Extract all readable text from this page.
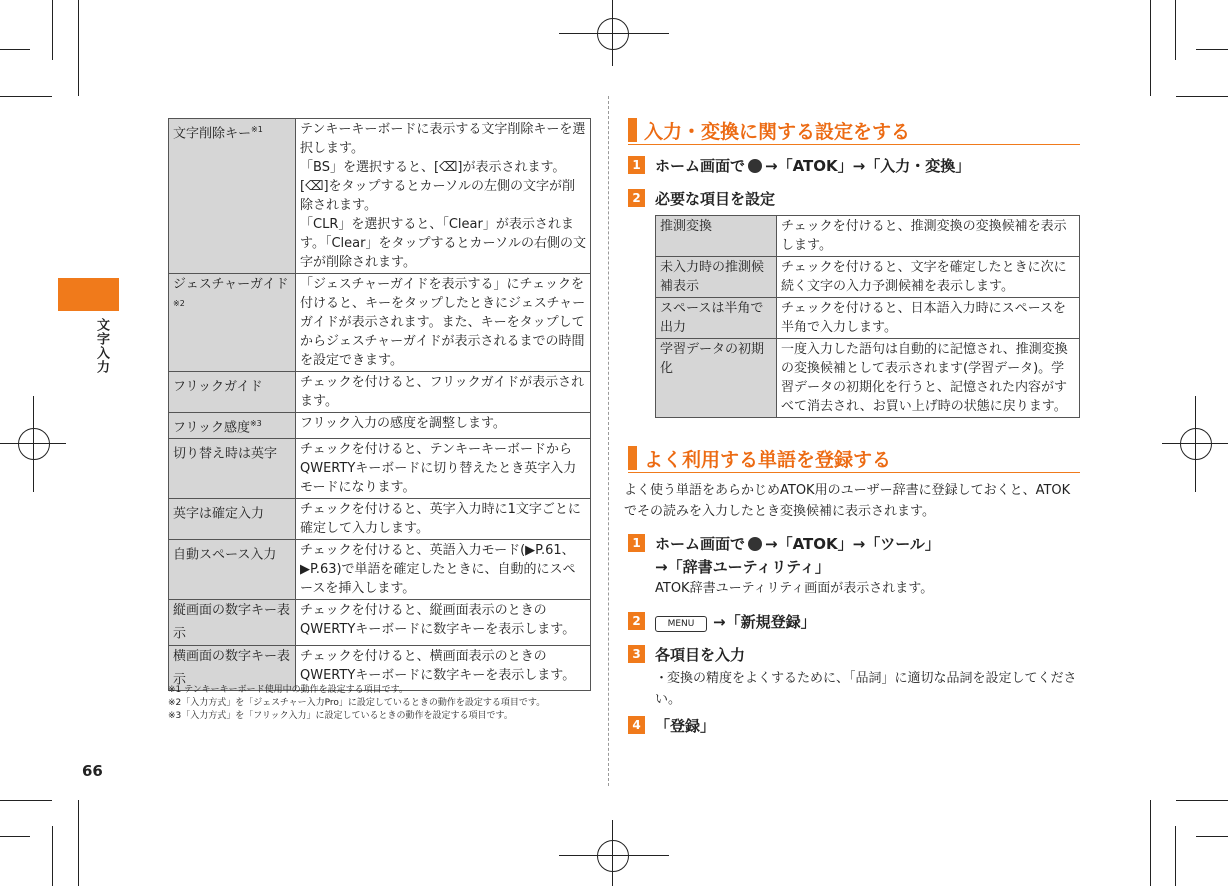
文字入力
66
文字削除キー$^{※1}$	テンキーキーボードに表示する文字削除キーを選択します。
「BS」を選択すると、[⌫]が表示されます。[⌫]をタップするとカーソルの左側の文字が削除されます。
「CLR」を選択すると、「Clear」が表示されます。「Clear」をタップするとカーソルの右側の文字が削除されます。

ジェスチャーガイド$^{※2}$	「ジェスチャーガイドを表示する」にチェックを付けると、キーをタップしたときにジェスチャーガイドが表示されます。また、キーをタップしてからジェスチャーガイドが表示されるまでの時間を設定できます。

フリックガイド	チェックを付けると、フリックガイドが表示されます。

フリック感度$^{※3}$	フリック入力の感度を調整します。

切り替え時は英字	チェックを付けると、テンキーキーボードからQWERTYキーボードに切り替えたとき英字入力モードになります。

英字は確定入力	チェックを付けると、英字入力時に1文字ごとに確定して入力します。

自動スペース入力	チェックを付けると、英語入力モード(▶P.61、▶P.63)で単語を確定したときに、自動的にスペースを挿入します。

縦画面の数字キー表示	チェックを付けると、縦画面表示のときのQWERTYキーボードに数字キーを表示します。

横画面の数字キー表示	チェックを付けると、横画面表示のときのQWERTYキーボードに数字キーを表示します。
※1 テンキーキーボード使用中の動作を設定する項目です。
※2「入力方式」を「ジェスチャー入力Pro」に設定しているときの動作を設定する項目です。
※3「入力方式」を「フリック入力」に設定しているときの動作を設定する項目です。
入力・変換に関する設定をする
1 ホーム画面で →「ATOK」→「入力・変換」
2 必要な項目を設定
推測変換	チェックを付けると、推測変換の変換候補を表示します。
未入力時の推測候補表示	チェックを付けると、文字を確定したときに次に続く文字の入力予測候補を表示します。
スペースは半角で出力	チェックを付けると、日本語入力時にスペースを半角で入力します。
学習データの初期化	一度入力した語句は自動的に記憶され、推測変換の変換候補として表示されます(学習データ)。学習データの初期化を行うと、記憶された内容がすべて消去され、お買い上げ時の状態に戻ります。
よく利用する単語を登録する
よく使う単語をあらかじめATOK用のユーザー辞書に登録しておくと、ATOKでその読みを入力したとき変換候補に表示されます。
1 ホーム画面で →「ATOK」→「ツール」
→「辞書ユーティリティ」
ATOK辞書ユーティリティ画面が表示されます。
2	MENU →「新規登録」
3 各項目を入力
・変換の精度をよくするために、「品詞」に適切な品詞を設定してください。
4 「登録」
